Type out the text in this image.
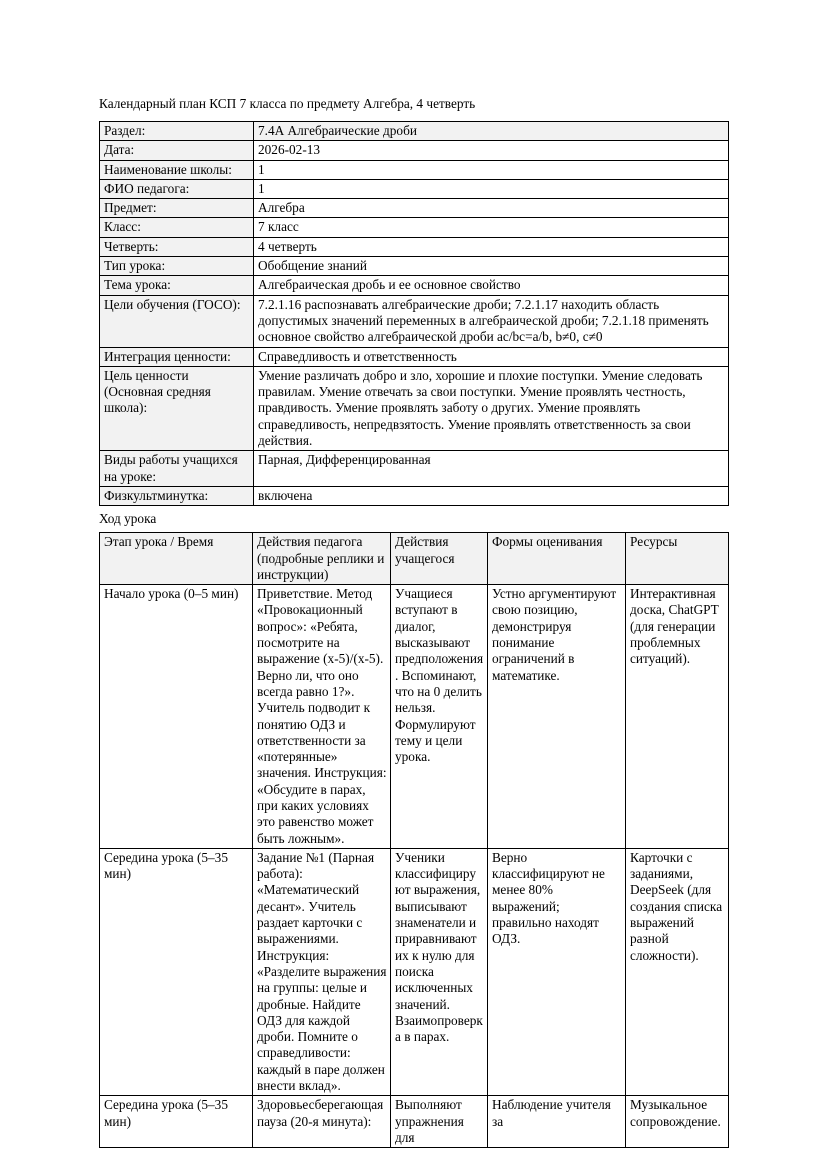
Календарный план КСП 7 класса по предмету Алгебра, 4 четверть

Раздел:	7.4А Алгебраические дроби
Дата:	2026-02-13
Наименование школы:	1
ФИО педагога:	1
Предмет:	Алгебра
Класс:	7 класс
Четверть:	4 четверть
Тип урока:	Обобщение знаний
Тема урока:	Алгебраическая дробь и ее основное свойство
Цели обучения (ГОСО):	7.2.1.16 распознавать алгебраические дроби; 7.2.1.17 находить область допустимых значений переменных в алгебраической дроби; 7.2.1.18 применять основное свойство алгебраической дроби ac/bc=a/b, b≠0, c≠0
Интеграция ценности:	Справедливость и ответственность
Цель ценности (Основная средняя школа):	Умение различать добро и зло, хорошие и плохие поступки. Умение следовать правилам. Умение отвечать за свои поступки. Умение проявлять честность, правдивость. Умение проявлять заботу о других. Умение проявлять справедливость, непредвзятость. Умение проявлять ответственность за свои действия.
Виды работы учащихся на уроке:	Парная, Дифференцированная
Физкультминутка:	включена

Ход урока

Этап урока / Время	Действия педагога (подробные реплики и инструкции)	Действия учащегося	Формы оценивания	Ресурсы
Начало урока (0–5 мин)	Приветствие. Метод «Провокационный вопрос»: «Ребята, посмотрите на выражение (x-5)/(x-5). Верно ли, что оно всегда равно 1?». Учитель подводит к понятию ОДЗ и ответственности за «потерянные» значения. Инструкция: «Обсудите в парах, при каких условиях это равенство может быть ложным».	Учащиеся вступают в диалог, высказывают предположения. Вспоминают, что на 0 делить нельзя. Формулируют тему и цели урока.	Устно аргументируют свою позицию, демонстрируя понимание ограничений в математике.	Интерактивная доска, ChatGPT (для генерации проблемных ситуаций).
Середина урока (5–35 мин)	Задание №1 (Парная работа): «Математический десант». Учитель раздает карточки с выражениями. Инструкция: «Разделите выражения на группы: целые и дробные. Найдите ОДЗ для каждой дроби. Помните о справедливости: каждый в паре должен внести вклад».	Ученики классифицируют выражения, выписывают знаменатели и приравнивают их к нулю для поиска исключенных значений. Взаимопроверка в парах.	Верно классифицируют не менее 80% выражений; правильно находят ОДЗ.	Карточки с заданиями, DeepSeek (для создания списка выражений разной сложности).
Середина урока (5–35 мин)	Здоровьесберегающая пауза (20-я минута):	Выполняют упражнения для	Наблюдение учителя за	Музыкальное сопровождение.
